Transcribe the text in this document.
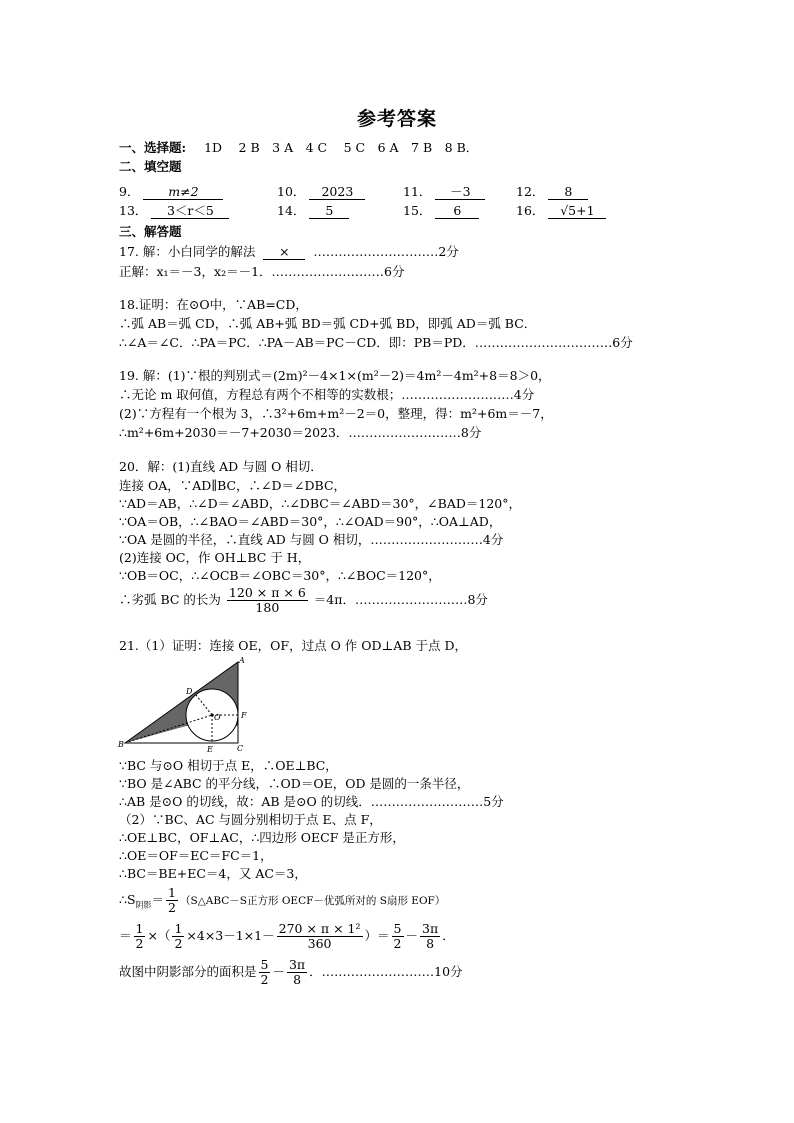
参考答案
一、选择题: 1D　 2 B　3 A　4 C　 5 C　6 A　7 B　8 B．
二、填空题
9． m≠2	10． 2023	11． －3	12． 8
13． 3＜r＜5	14． 5	15． 6	16． √5+1
三、解答题
17. 解：小白同学的解法 × …………………………2分
正解：x₁＝－3，x₂＝－1．………………………6分
18.证明：在⊙O中，∵AB=CD，
∴弧 AB＝弧 CD，∴弧 AB+弧 BD＝弧 CD+弧 BD，即弧 AD＝弧 BC．
∴∠A＝∠C．∴PA＝PC．∴PA－AB＝PC－CD．即：PB＝PD．……………………………6分
19. 解：(1)∵根的判别式＝(2m)²－4×1×(m²－2)＝4m²－4m²+8＝8＞0，
∴无论 m 取何值，方程总有两个不相等的实数根；………………………4分
(2)∵方程有一个根为 3，∴3²+6m+m²－2＝0，整理，得：m²+6m＝－7，
∴m²+6m+2030＝－7+2030＝2023．………………………8分
20．解：(1)直线 AD 与圆 O 相切．
连接 OA，∵AD∥BC，∴∠D＝∠DBC，
∵AD＝AB，∴∠D＝∠ABD，∴∠DBC＝∠ABD＝30°，∠BAD＝120°，
∵OA＝OB，∴∠BAO＝∠ABD＝30°，∴∠OAD＝90°，∴OA⊥AD，
∵OA 是圆的半径，∴直线 AD 与圆 O 相切，………………………4分
(2)连接 OC，作 OH⊥BC 于 H，
∵OB＝OC，∴∠OCB＝∠OBC＝30°，∴∠BOC＝120°，
∴劣弧 BC 的长为 $\frac{120 \times \pi \times 6}{180} =4\pi$．………………………8分
21.（1）证明：连接 OE，OF，过点 O 作 OD⊥AB 于点 D，
A
B	C
D
E
F
O
∵BC 与⊙O 相切于点 E，∴OE⊥BC，
∵BO 是∠ABC 的平分线，∴OD＝OE，OD 是圆的一条半径，
∴AB 是⊙O 的切线，故：AB 是⊙O 的切线．………………………5分
（2）∵BC、AC 与圆分别相切于点 E、点 F，
∴OE⊥BC，OF⊥AC，∴四边形 OECF 是正方形，
∴OE＝OF＝EC＝FC＝1，
∴BC＝BE+EC＝4，又 AC＝3，
$\therefore S_{阴影}= \frac{1}{2}$ （S△ABC－S正方形 OECF－优弧所对的 S扇形 EOF）
＝ $\frac{1}{2}$ ×（ $\frac{1}{2} \times 4\times 3-1\times 1- \frac{\text{270 × π × 1²}}{360}$ ）＝ $\frac{5}{2} - \frac{3\pi}{8}$ ．
故图中阴影部分的面积是 $\frac{5}{2} - \frac{3\pi}{8}$ ．………………………10分
